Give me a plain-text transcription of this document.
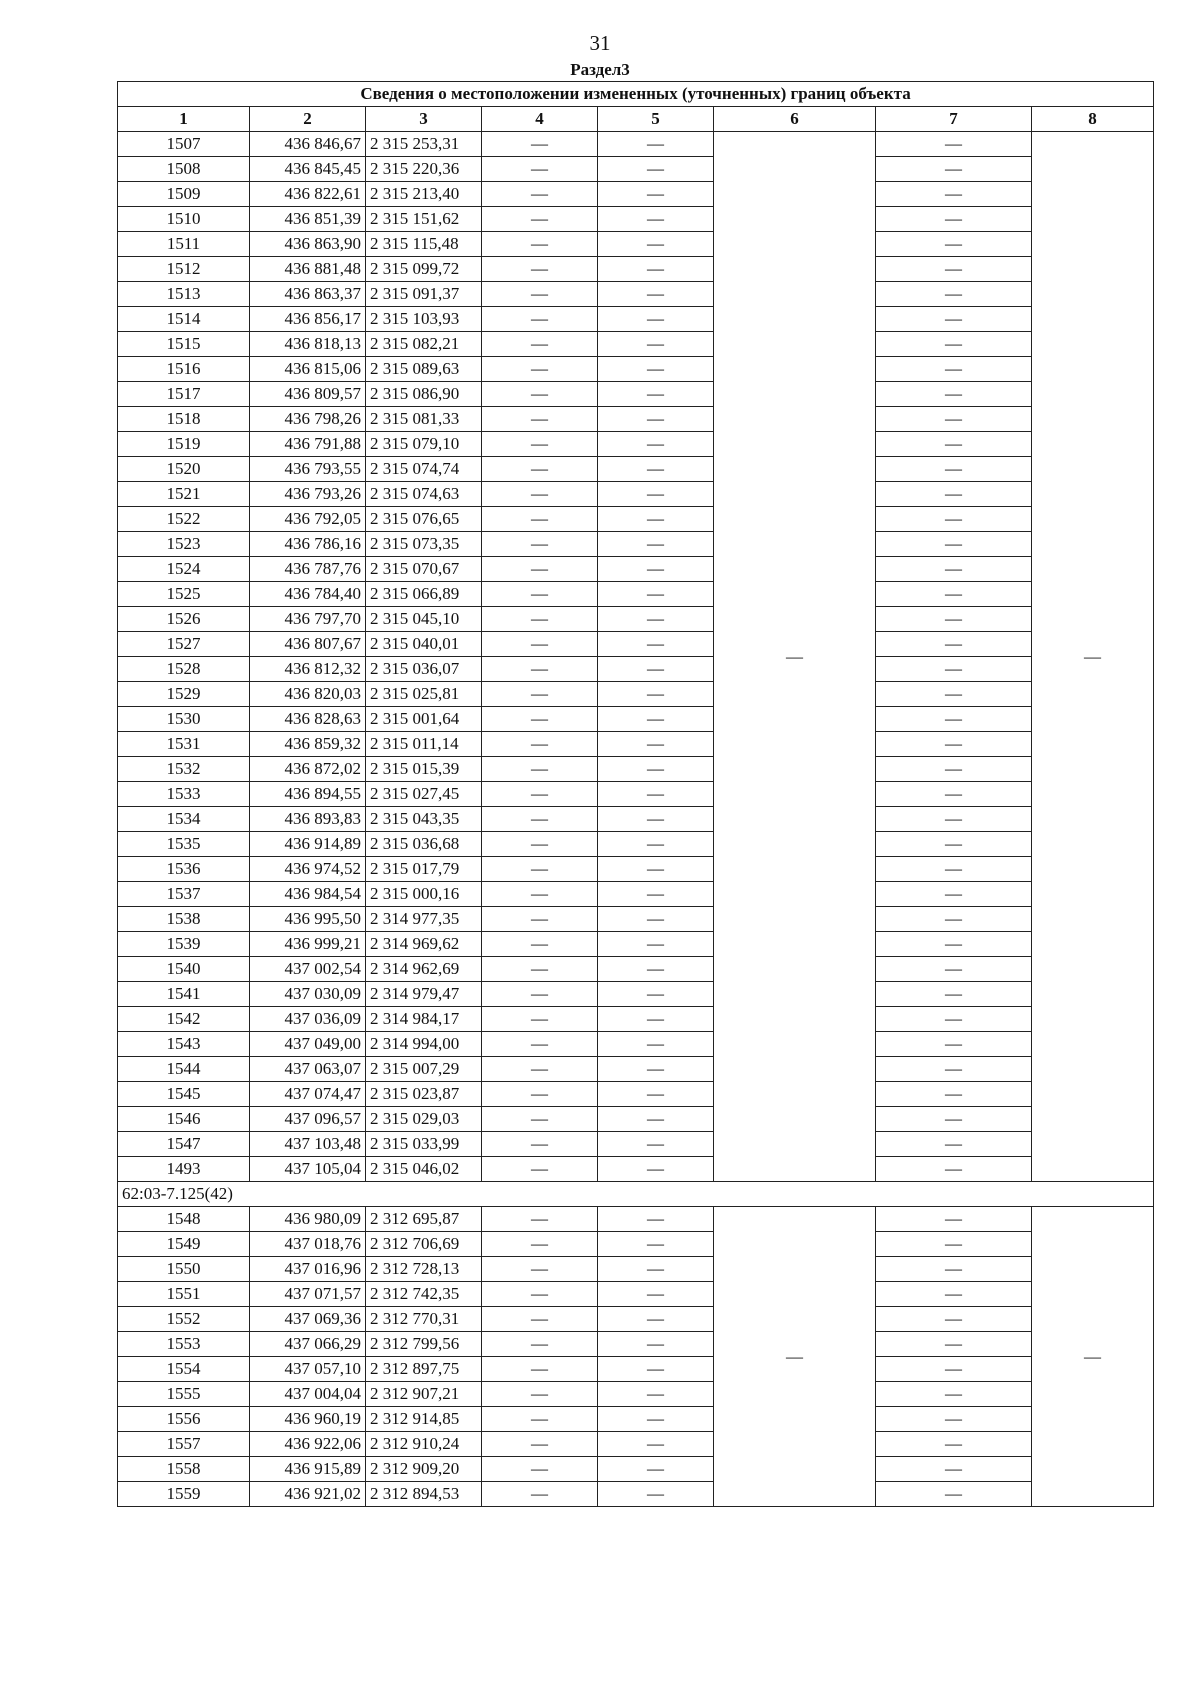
31
Раздел3
Сведения о местоположении измененных (уточненных) границ объекта							
1	2	3	4	5	6	7	8
1507	436 846,67	2 315 253,31	—	—	—	—	—
1508	436 845,45	2 315 220,36	—	—		—	
1509	436 822,61	2 315 213,40	—	—		—	
1510	436 851,39	2 315 151,62	—	—		—	
1511	436 863,90	2 315 115,48	—	—		—	
1512	436 881,48	2 315 099,72	—	—		—	
1513	436 863,37	2 315 091,37	—	—		—	
1514	436 856,17	2 315 103,93	—	—		—	
1515	436 818,13	2 315 082,21	—	—		—	
1516	436 815,06	2 315 089,63	—	—		—	
1517	436 809,57	2 315 086,90	—	—		—	
1518	436 798,26	2 315 081,33	—	—		—	
1519	436 791,88	2 315 079,10	—	—		—	
1520	436 793,55	2 315 074,74	—	—		—	
1521	436 793,26	2 315 074,63	—	—		—	
1522	436 792,05	2 315 076,65	—	—		—	
1523	436 786,16	2 315 073,35	—	—		—	
1524	436 787,76	2 315 070,67	—	—		—	
1525	436 784,40	2 315 066,89	—	—		—	
1526	436 797,70	2 315 045,10	—	—		—	
1527	436 807,67	2 315 040,01	—	—		—	
1528	436 812,32	2 315 036,07	—	—		—	
1529	436 820,03	2 315 025,81	—	—		—	
1530	436 828,63	2 315 001,64	—	—		—	
1531	436 859,32	2 315 011,14	—	—		—	
1532	436 872,02	2 315 015,39	—	—		—	
1533	436 894,55	2 315 027,45	—	—		—	
1534	436 893,83	2 315 043,35	—	—		—	
1535	436 914,89	2 315 036,68	—	—		—	
1536	436 974,52	2 315 017,79	—	—		—	
1537	436 984,54	2 315 000,16	—	—		—	
1538	436 995,50	2 314 977,35	—	—		—	
1539	436 999,21	2 314 969,62	—	—		—	
1540	437 002,54	2 314 962,69	—	—		—	
1541	437 030,09	2 314 979,47	—	—		—	
1542	437 036,09	2 314 984,17	—	—		—	
1543	437 049,00	2 314 994,00	—	—		—	
1544	437 063,07	2 315 007,29	—	—		—	
1545	437 074,47	2 315 023,87	—	—		—	
1546	437 096,57	2 315 029,03	—	—		—	
1547	437 103,48	2 315 033,99	—	—		—	
1493	437 105,04	2 315 046,02	—	—		—	
62:03-7.125(42)							
1548	436 980,09	2 312 695,87	—	—	—	—	—
1549	437 018,76	2 312 706,69	—	—		—	
1550	437 016,96	2 312 728,13	—	—		—	
1551	437 071,57	2 312 742,35	—	—		—	
1552	437 069,36	2 312 770,31	—	—		—	
1553	437 066,29	2 312 799,56	—	—		—	
1554	437 057,10	2 312 897,75	—	—		—	
1555	437 004,04	2 312 907,21	—	—		—	
1556	436 960,19	2 312 914,85	—	—		—	
1557	436 922,06	2 312 910,24	—	—		—	
1558	436 915,89	2 312 909,20	—	—		—	
1559	436 921,02	2 312 894,53	—	—		—	
